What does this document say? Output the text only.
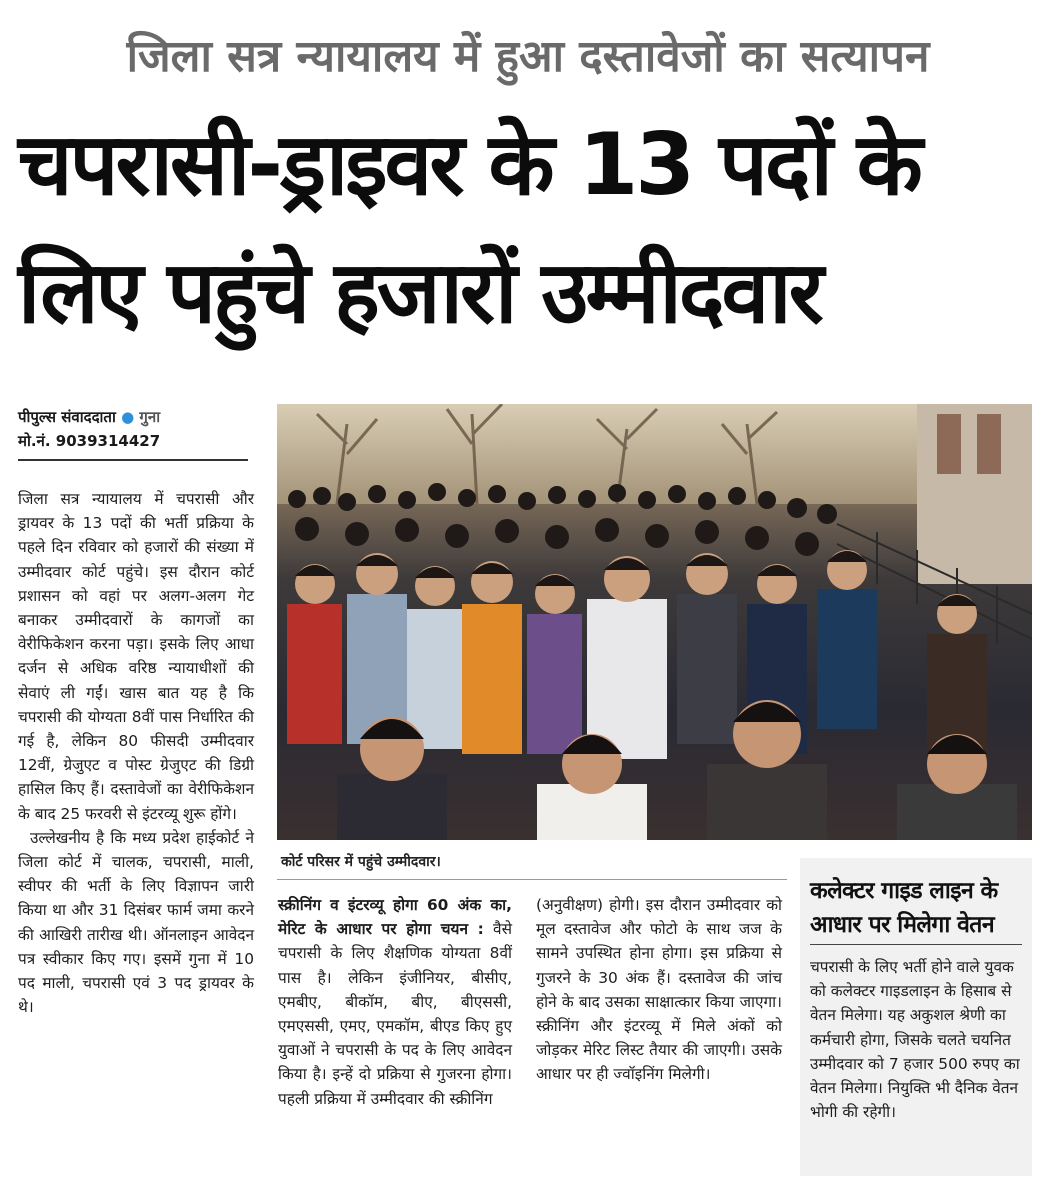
जिला सत्र न्यायालय में हुआ दस्तावेजों का सत्यापन
चपरासी-ड्राइवर के 13 पदों के
लिए पहुंचे हजारों उम्मीदवार
पीपुल्स संवाददाता ● गुना
मो.नं. 9039314427

जिला सत्र न्यायालय में चपरासी और ड्रायवर के 13 पदों की भर्ती प्रक्रिया के पहले दिन रविवार को हजारों की संख्या में उम्मीदवार कोर्ट पहुंचे। इस दौरान कोर्ट प्रशासन को वहां पर अलग-अलग गेट बनाकर उम्मीदवारों के कागजों का वेरीफिकेशन करना पड़ा। इसके लिए आधा दर्जन से अधिक वरिष्ठ न्यायाधीशों की सेवाएं ली गईं। खास बात यह है कि चपरासी की योग्यता 8वीं पास निर्धारित की गई है, लेकिन 80 फीसदी उम्मीदवार 12वीं, ग्रेजुएट व पोस्ट ग्रेजुएट की डिग्री हासिल किए हैं। दस्तावेजों का वेरीफिकेशन के बाद 25 फरवरी से इंटरव्यू शुरू होंगे।

उल्लेखनीय है कि मध्य प्रदेश हाईकोर्ट ने जिला कोर्ट में चालक, चपरासी, माली, स्वीपर की भर्ती के लिए विज्ञापन जारी किया था और 31 दिसंबर फार्म जमा करने की आखिरी तारीख थी। ऑनलाइन आवेदन पत्र स्वीकार किए गए। इसमें गुना में 10 पद माली, चपरासी एवं 3 पद ड्रायवर के थे।

कोर्ट परिसर में पहुंचे उम्मीदवार।

स्क्रीनिंग व इंटरव्यू होगा 60 अंक का, मेरिट के आधार पर होगा चयन : वैसे चपरासी के लिए शैक्षणिक योग्यता 8वीं पास है। लेकिन इंजीनियर, बीसीए, एमबीए, बीकॉम, बीए, बीएससी, एमएससी, एमए, एमकॉम, बीएड किए हुए युवाओं ने चपरासी के पद के लिए आवेदन किया है। इन्हें दो प्रक्रिया से गुजरना होगा। पहली प्रक्रिया में उम्मीदवार की स्क्रीनिंग

(अनुवीक्षण) होगी। इस दौरान उम्मीदवार को मूल दस्तावेज और फोटो के साथ जज के सामने उपस्थित होना होगा। इस प्रक्रिया से गुजरने के 30 अंक हैं। दस्तावेज की जांच होने के बाद उसका साक्षात्कार किया जाएगा। स्क्रीनिंग और इंटरव्यू में मिले अंकों को जोड़कर मेरिट लिस्ट तैयार की जाएगी। उसके आधार पर ही ज्वॉइनिंग मिलेगी।

कलेक्टर गाइड लाइन के आधार पर मिलेगा वेतन

चपरासी के लिए भर्ती होने वाले युवक को कलेक्टर गाइडलाइन के हिसाब से वेतन मिलेगा। यह अकुशल श्रेणी का कर्मचारी होगा, जिसके चलते चयनित उम्मीदवार को 7 हजार 500 रुपए का वेतन मिलेगा। नियुक्ति भी दैनिक वेतन भोगी की रहेगी।
